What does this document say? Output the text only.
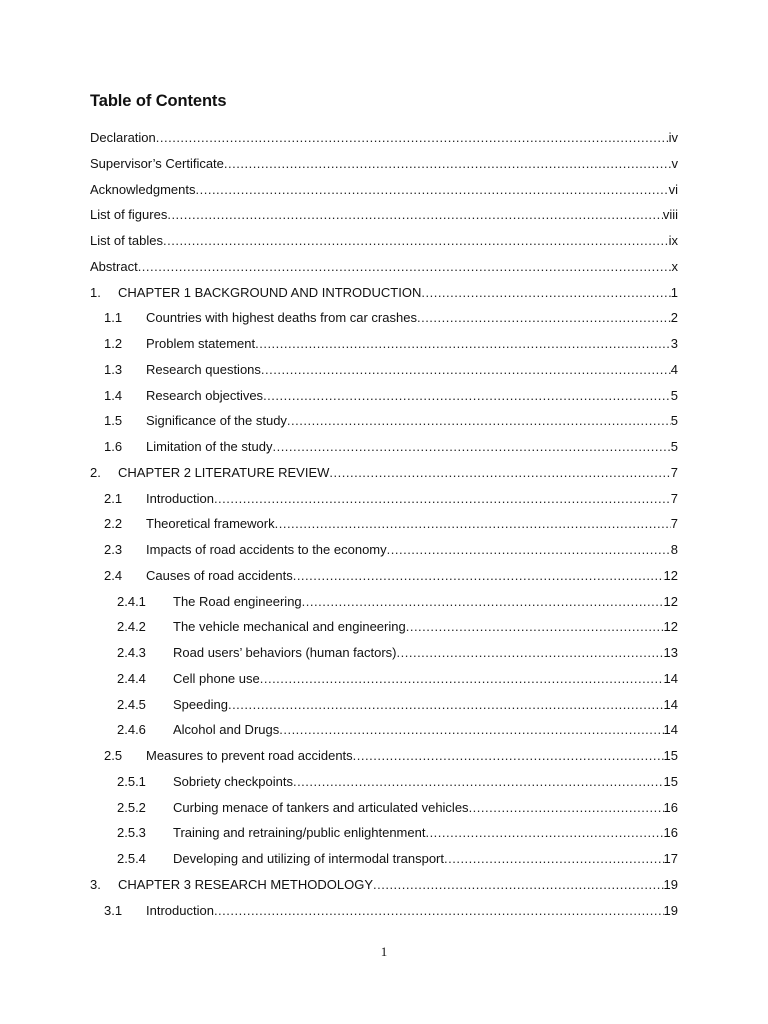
Table of Contents
Declaration .....	iv
Supervisor’s Certificate .....	v
Acknowledgments .....	vi
List of figures .....	viii
List of tables .....	ix
Abstract .....	x
1. CHAPTER 1 BACKGROUND AND INTRODUCTION .....	1
1.1 Countries with highest deaths from car crashes .....	2
1.2 Problem statement .....	3
1.3 Research questions .....	4
1.4 Research objectives .....	5
1.5 Significance of the study .....	5
1.6 Limitation of the study .....	5
2. CHAPTER 2 LITERATURE REVIEW .....	7
2.1 Introduction .....	7
2.2 Theoretical framework .....	7
2.3 Impacts of road accidents to the economy .....	8
2.4 Causes of road accidents .....	12
2.4.1 The Road engineering .....	12
2.4.2 The vehicle mechanical and engineering .....	12
2.4.3 Road users’ behaviors (human factors) .....	13
2.4.4 Cell phone use .....	14
2.4.5 Speeding .....	14
2.4.6 Alcohol and Drugs .....	14
2.5 Measures to prevent road accidents .....	15
2.5.1 Sobriety checkpoints .....	15
2.5.2 Curbing menace of tankers and articulated vehicles .....	16
2.5.3 Training and retraining/public enlightenment .....	16
2.5.4 Developing and utilizing of intermodal transport .....	17
3. CHAPTER 3 RESEARCH METHODOLOGY .....	19
3.1 Introduction .....	19
1
